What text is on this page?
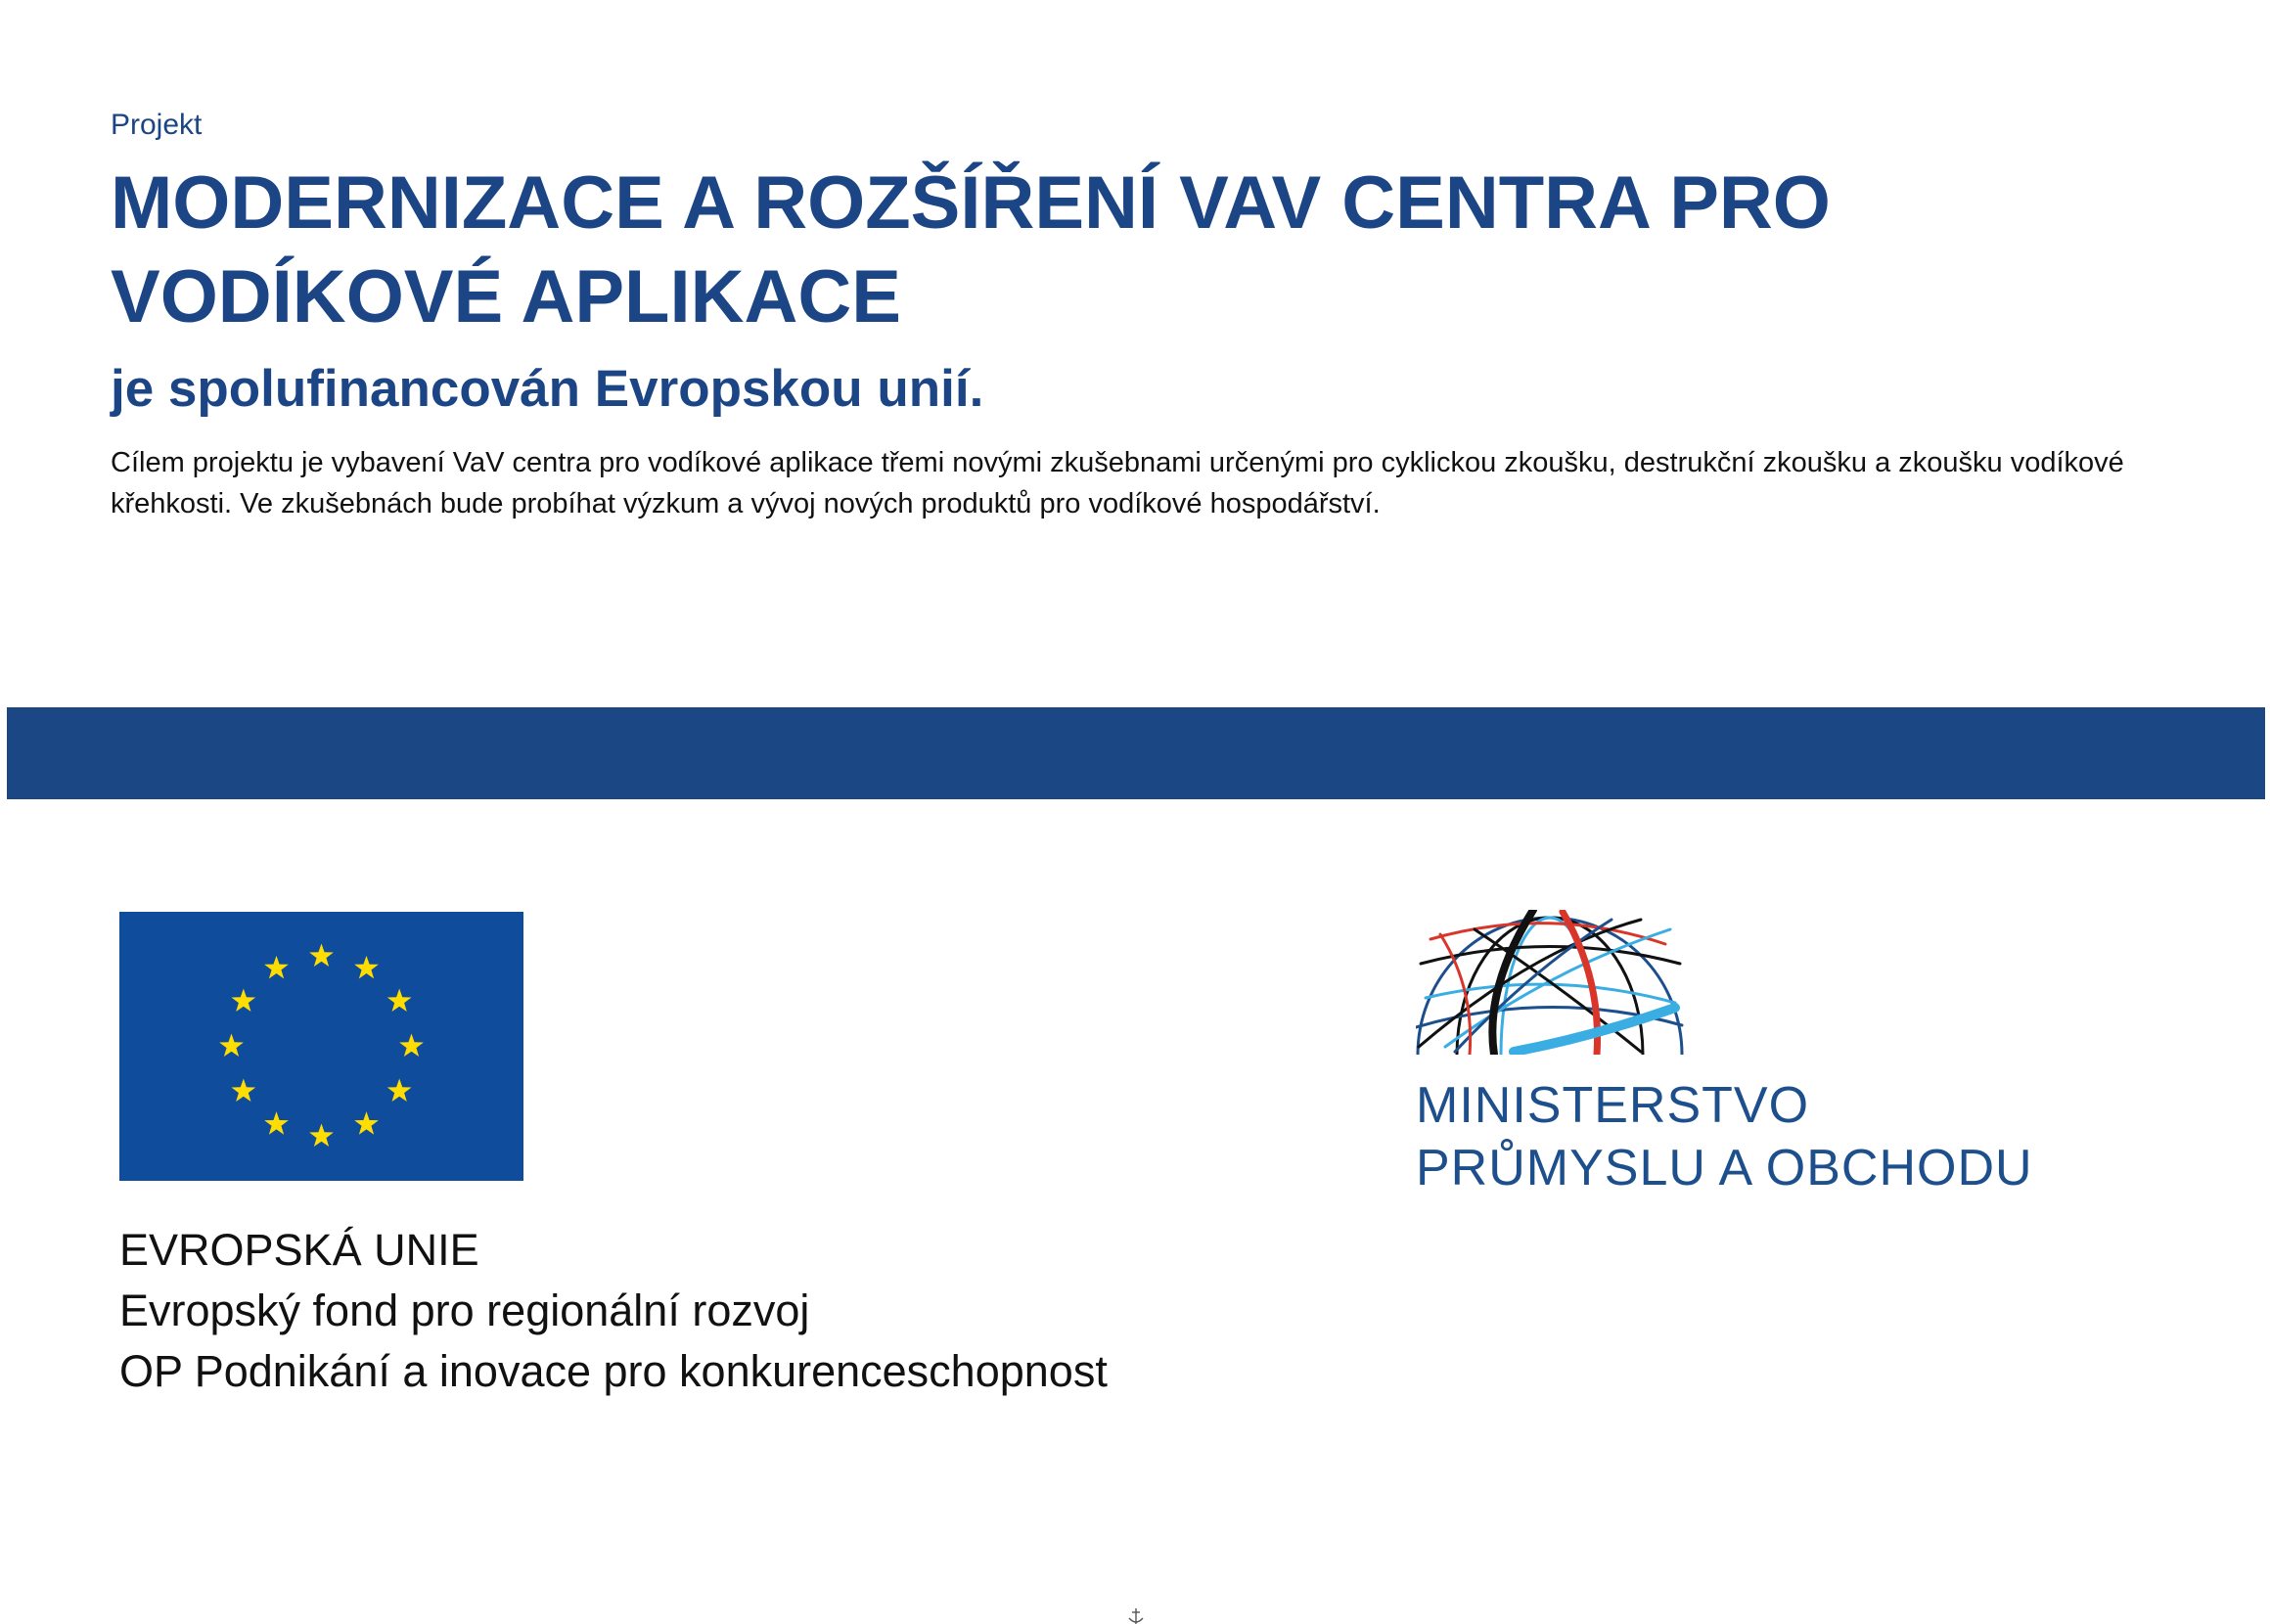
Projekt

MODERNIZACE A ROZŠÍŘENÍ VAV CENTRA PRO VODÍKOVÉ APLIKACE
je spolufinancován Evropskou unií.

Cílem projektu je vybavení VaV centra pro vodíkové aplikace třemi novými zkušebnami určenými pro cyklickou zkoušku, destrukční zkoušku a zkoušku vodíkové křehkosti. Ve zkušebnách bude probíhat výzkum a vývoj nových produktů pro vodíkové hospodářství.

EVROPSKÁ UNIE
Evropský fond pro regionální rozvoj
OP Podnikání a inovace pro konkurenceschopnost

MINISTERSTVO
PRŮMYSLU A OBCHODU
